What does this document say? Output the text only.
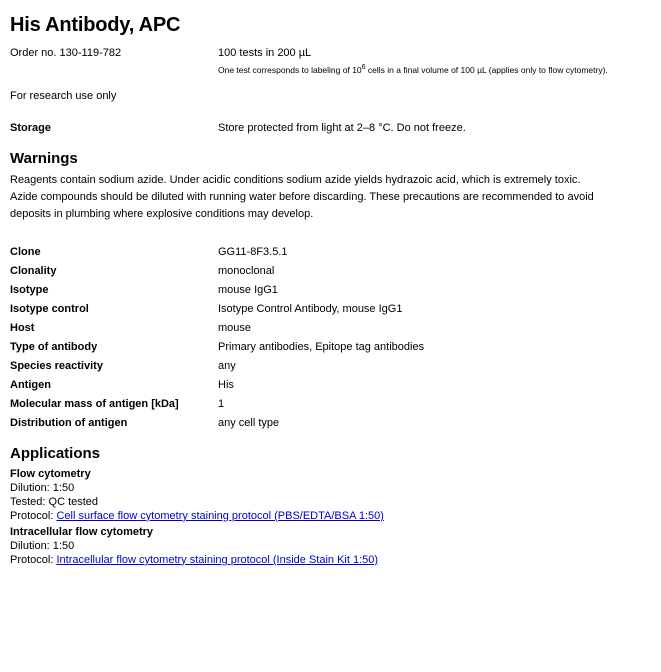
His Antibody, APC
Order no. 130-119-782	100 tests in 200 µL
One test corresponds to labeling of $10^6$ cells in a final volume of 100 µL (applies only to flow cytometry).
For research use only
Storage	Store protected from light at 2–8 °C. Do not freeze.
Warnings

Reagents contain sodium azide. Under acidic conditions sodium azide yields hydrazoic acid, which is extremely toxic.

Azide compounds should be diluted with running water before discarding. These precautions are recommended to avoid

deposits in plumbing where explosive conditions may develop.

Clone	GG11-8F3.5.1
Clonality	monoclonal
Isotype	mouse IgG1
Isotype control	Isotype Control Antibody, mouse IgG1
Host	mouse
Type of antibody	Primary antibodies, Epitope tag antibodies
Species reactivity	any
Antigen	His
Molecular mass of antigen [kDa]	1
Distribution of antigen	any cell type
Applications
Flow cytometry
Dilution: 1:50
Tested: QC tested
Protocol: Cell surface flow cytometry staining protocol (PBS/EDTA/BSA 1:50)
Intracellular flow cytometry
Dilution: 1:50
Protocol: Intracellular flow cytometry staining protocol (Inside Stain Kit 1:50)
